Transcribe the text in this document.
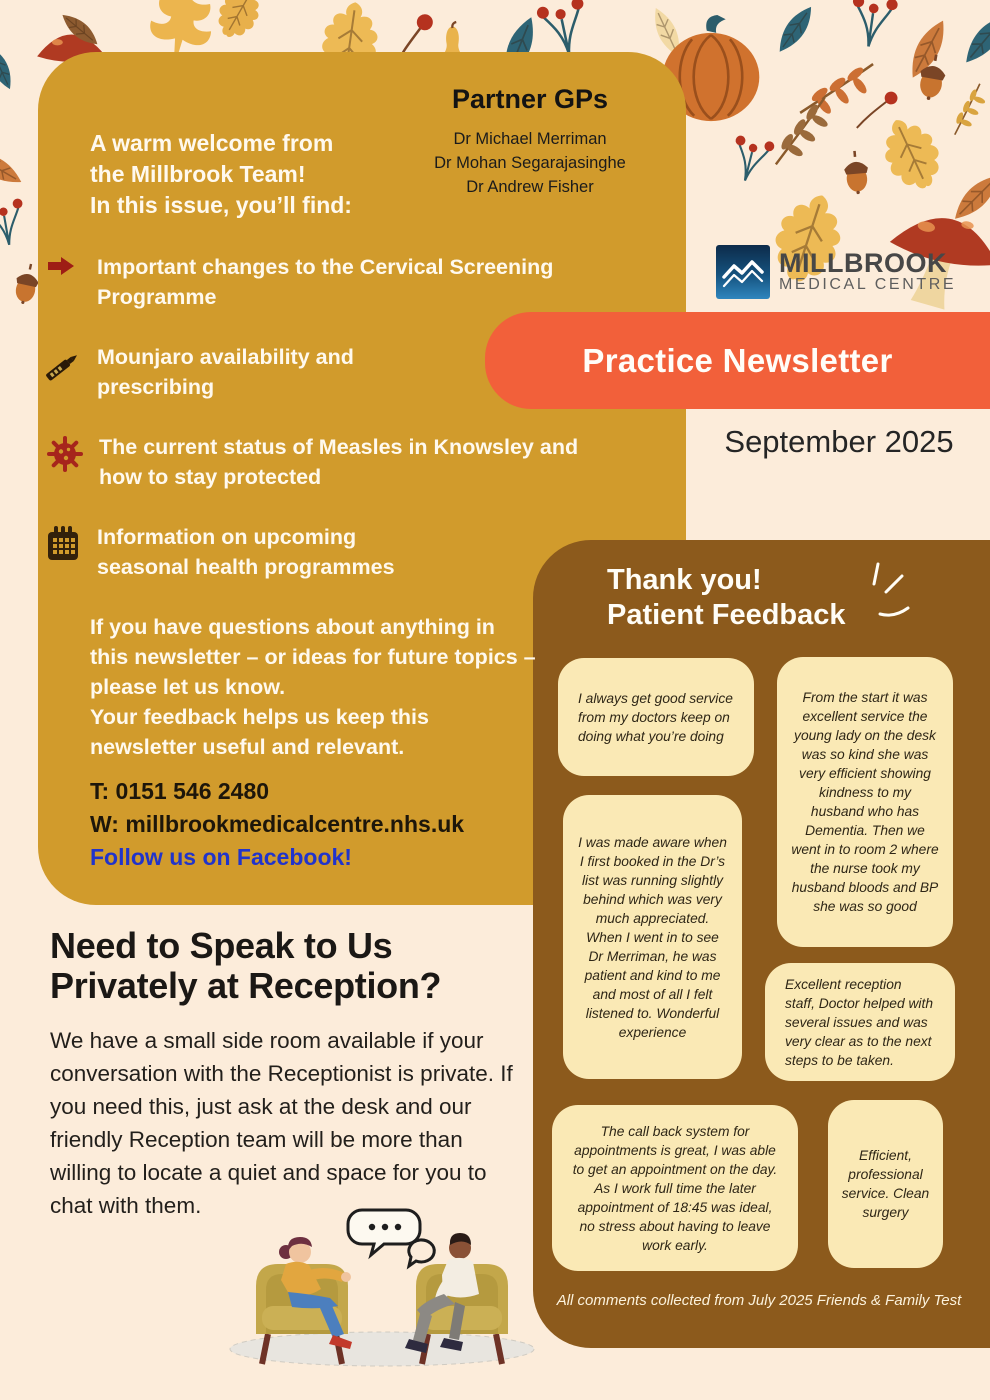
Partner GPs
Dr Michael Merriman
Dr Mohan Segarajasinghe
Dr Andrew Fisher
MILLBROOK
MEDICAL CENTRE
Practice Newsletter
September 2025
A warm welcome from
the Millbrook Team!
In this issue, you’ll find:
Important changes to the Cervical Screening Programme
Mounjaro availability and prescribing
The current status of Measles in Knowsley and how to stay protected
Information on upcoming seasonal health programmes
If you have questions about anything in this newsletter – or ideas for future topics – please let us know.
Your feedback helps us keep this newsletter useful and relevant.
T: 0151 546 2480
W: millbrookmedicalcentre.nhs.uk
Follow us on Facebook!
Thank you!
Patient Feedback
I always get good service from my doctors keep on doing what you’re doing
From the start it was excellent service the young lady on the desk was so kind she was very efficient showing kindness to my husband who has Dementia. Then we went in to room 2 where the nurse took my husband bloods and BP she was so good
I was made aware when I first booked in the Dr’s list was running slightly behind which was very much appreciated. When I went in to see Dr Merriman, he was patient and kind to me and most of all I felt listened to. Wonderful experience
Excellent reception staff, Doctor helped with several issues and was very clear as to the next steps to be taken.
The call back system for appointments is great, I was able to get an appointment on the day. As I work full time the later appointment of 18:45 was ideal, no stress about having to leave work early.
Efficient, professional service. Clean surgery
All comments collected from July 2025 Friends & Family Test
Need to Speak to Us Privately at Reception?
We have a small side room available if your conversation with the Receptionist is private. If you need this, just ask at the desk and our friendly Reception team will be more than willing to locate a quiet and space for you to chat with them.
